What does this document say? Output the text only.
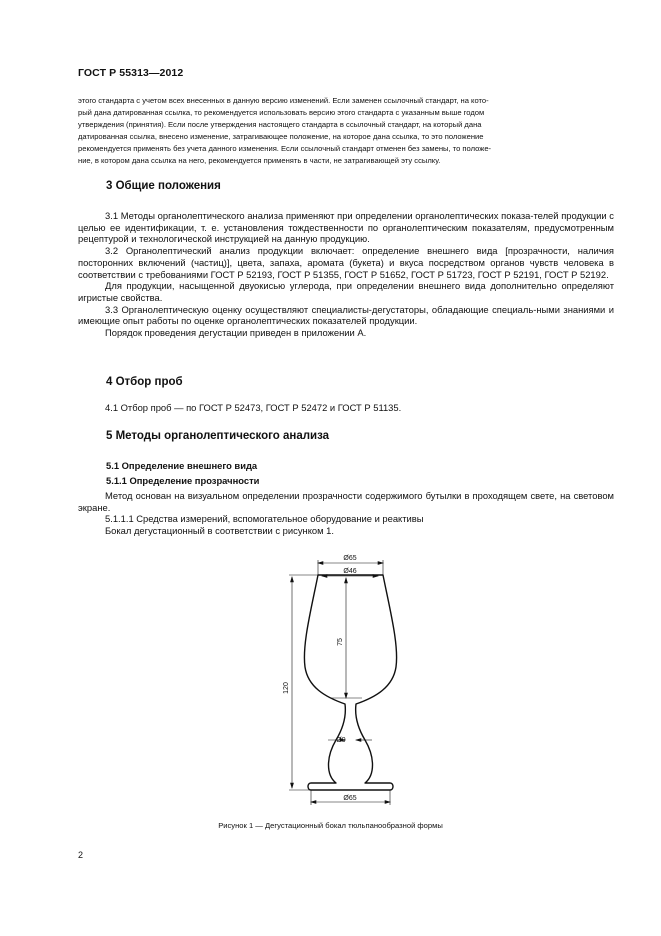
ГОСТ Р 55313—2012

этого стандарта с учетом всех внесенных в данную версию изменений. Если заменен ссылочный стандарт, на кото-

рый дана датированная ссылка, то рекомендуется использовать версию этого стандарта с указанным выше годом

утверждения (принятия). Если после утверждения настоящего стандарта в ссылочный стандарт, на который дана

датированная ссылка, внесено изменение, затрагивающее положение, на которое дана ссылка, то это положение

рекомендуется применять без учета данного изменения. Если ссылочный стандарт отменен без замены, то положе-

ние, в котором дана ссылка на него, рекомендуется применять в части, не затрагивающей эту ссылку.

3 Общие положения

3.1 Методы органолептического анализа применяют при определении органолептических показа-телей продукции с целью ее идентификации, т. е. установления тождественности по органолептическим показателям, предусмотренным рецептурой и технологической инструкцией на данную продукцию.

3.2 Органолептический анализ продукции включает: определение внешнего вида [прозрачности, наличия посторонних включений (частиц)], цвета, запаха, аромата (букета) и вкуса посредством органов чувств человека в соответствии с требованиями ГОСТ Р 52193, ГОСТ Р 51355, ГОСТ Р 51652, ГОСТ Р 51723, ГОСТ Р 52191, ГОСТ Р 52192.

Для продукции, насыщенной двуокисью углерода, при определении внешнего вида дополнительно определяют игристые свойства.

3.3 Органолептическую оценку осуществляют специалисты-дегустаторы, обладающие специаль-ными знаниями и имеющие опыт работы по оценке органолептических показателей продукции.

Порядок проведения дегустации приведен в приложении А.

4 Отбор проб

4.1 Отбор проб — по ГОСТ Р 52473, ГОСТ Р 52472 и ГОСТ Р 51135.

5 Методы органолептического анализа
5.1 Определение внешнего вида
5.1.1 Определение прозрачности

Метод основан на визуальном определении прозрачности содержимого бутылки в проходящем свете, на световом экране.

5.1.1.1 Средства измерений, вспомогательное оборудование и реактивы

Бокал дегустационный в соответствии с рисунком 1.

Ø65
Ø46
75
120
Ø9
Ø65
Рисунок 1 — Дегустационный бокал тюльпанообразной формы
2
